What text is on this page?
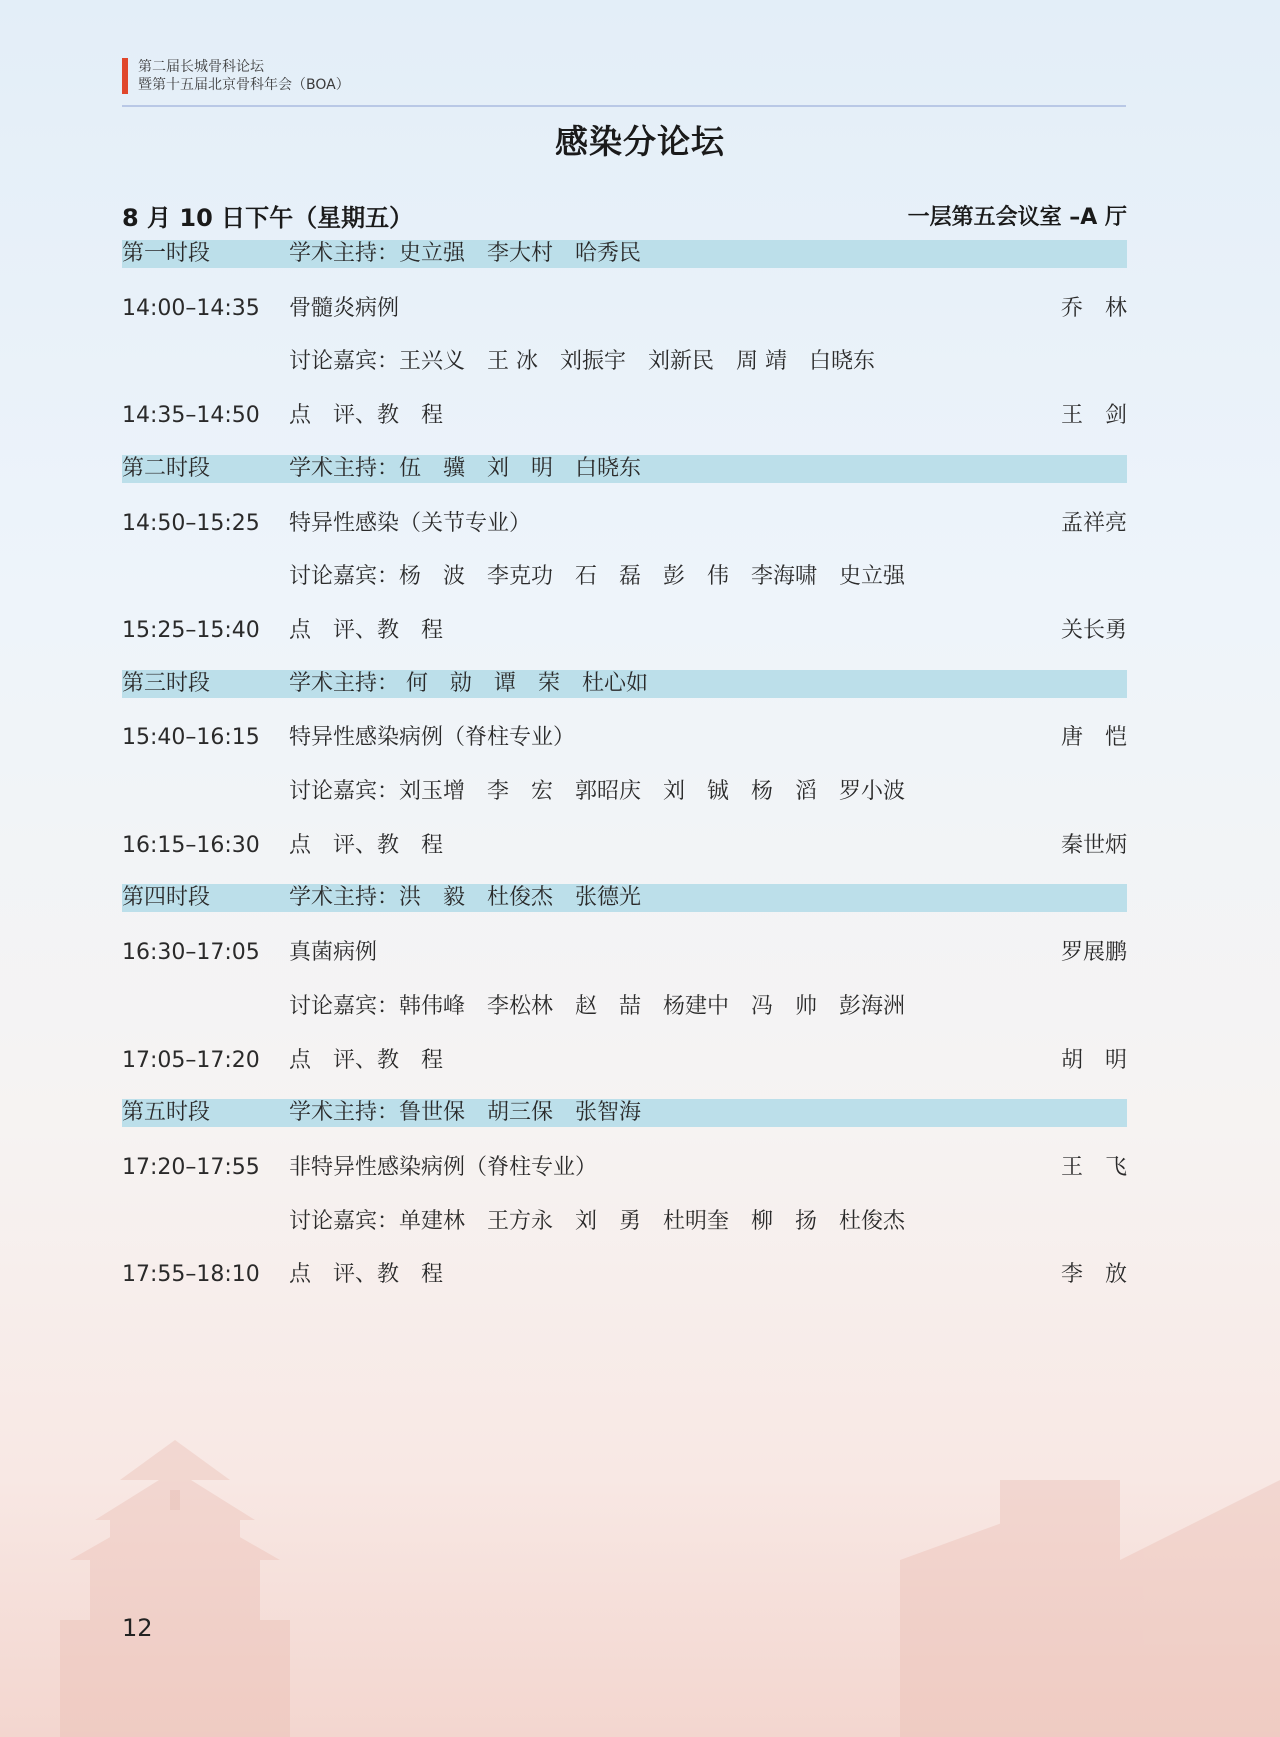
第二届长城骨科论坛
暨第十五届北京骨科年会（BOA）
感染分论坛
8 月 10 日下午（星期五）	一层第五会议室 –A 厅
第一时段	学术主持：史立强　李大村　哈秀民
14:00–14:35 骨髓炎病例	乔　林
讨论嘉宾：王兴义　王 冰　刘振宇　刘新民　周 靖　白晓东
14:35–14:50 点　评、教　程	王　剑
第二时段	学术主持：伍　骥　刘　明　白晓东
14:50–15:25 特异性感染（关节专业）	孟祥亮
讨论嘉宾：杨　波　李克功　石　磊　彭　伟　李海啸　史立强
15:25–15:40 点　评、教　程	关长勇
第三时段	学术主持： 何　勍　谭　荣　杜心如
15:40–16:15 特异性感染病例（脊柱专业）	唐　恺
讨论嘉宾：刘玉增　李　宏　郭昭庆　刘　铖　杨　滔　罗小波
16:15–16:30 点　评、教　程	秦世炳
第四时段	学术主持：洪　毅　杜俊杰　张德光
16:30–17:05 真菌病例	罗展鹏
讨论嘉宾：韩伟峰　李松林　赵　喆　杨建中　冯　帅　彭海洲
17:05–17:20 点　评、教　程	胡　明
第五时段	学术主持：鲁世保　胡三保　张智海
17:20–17:55 非特异性感染病例（脊柱专业）	王　飞
讨论嘉宾：单建林　王方永　刘　勇　杜明奎　柳　扬　杜俊杰
17:55–18:10 点　评、教　程	李　放
12
